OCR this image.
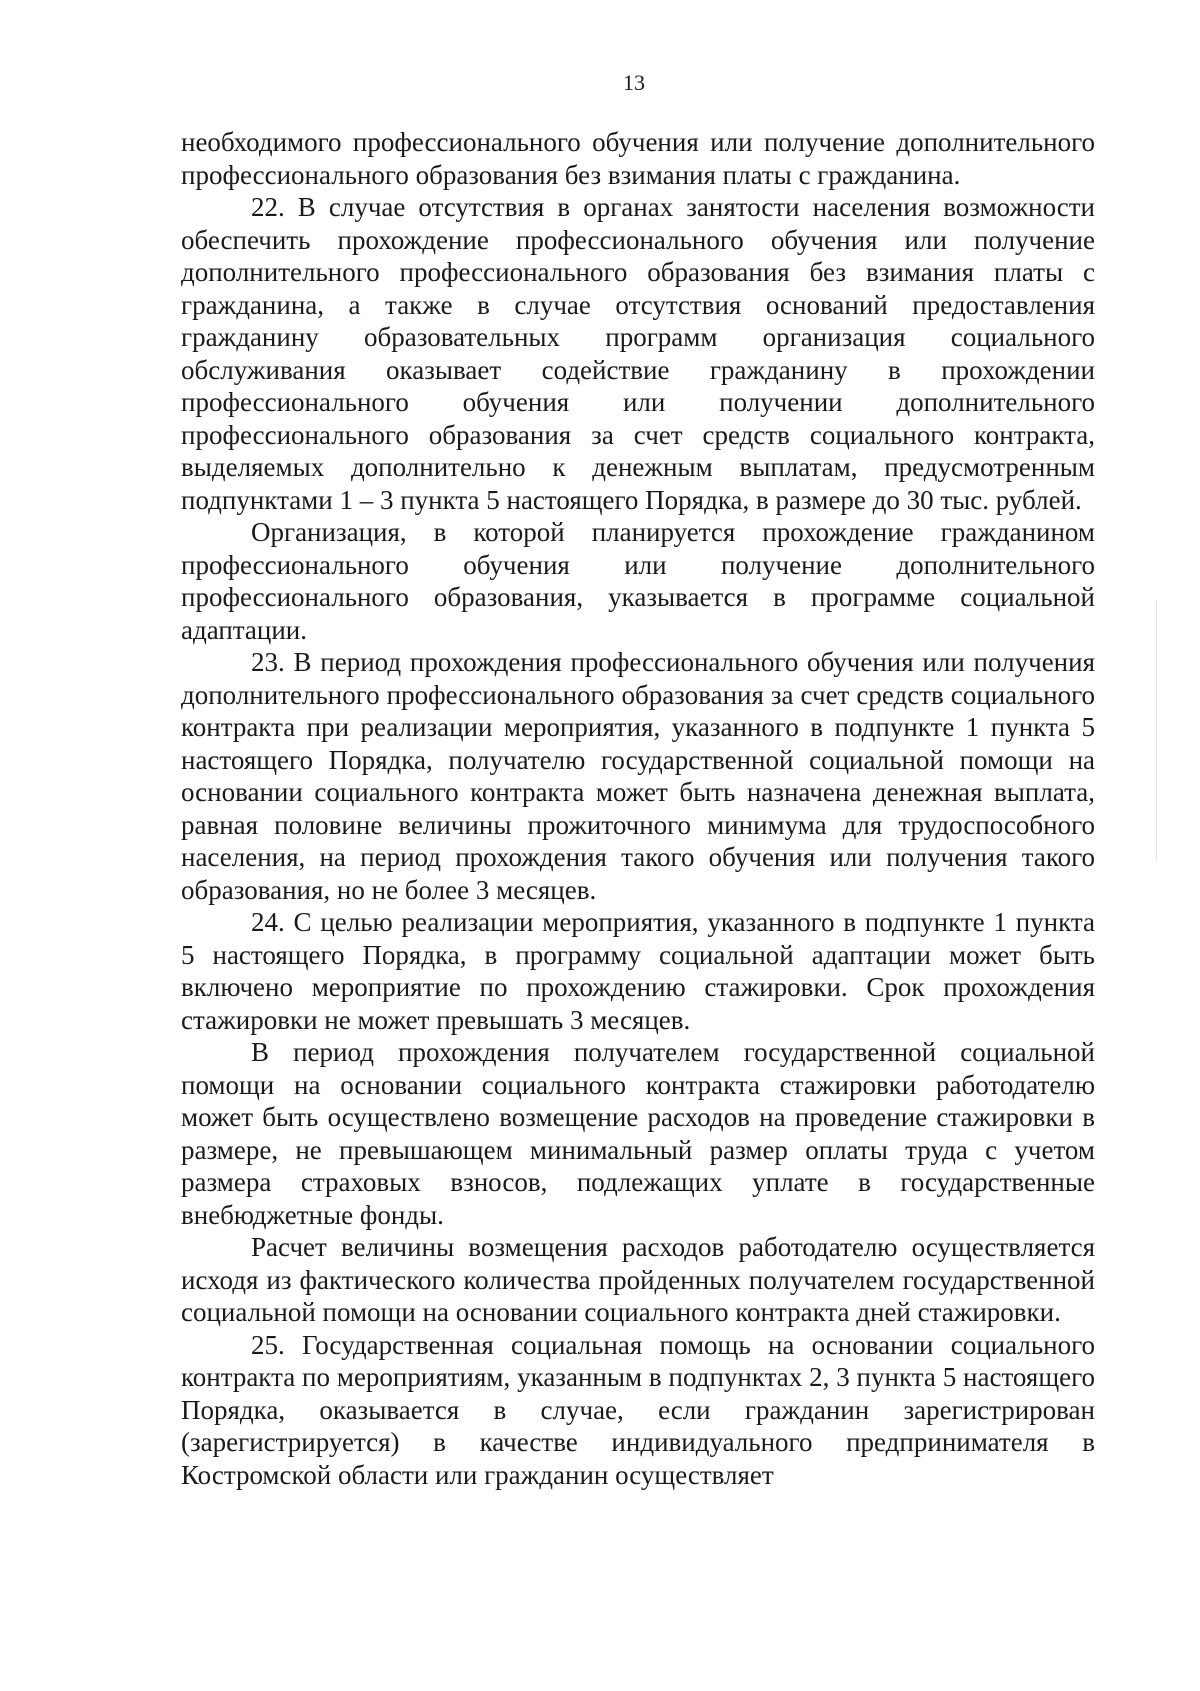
13

необходимого профессионального обучения или получение дополнительного профессионального образования без взимания платы с гражданина.

22. В случае отсутствия в органах занятости населения возможности обеспечить прохождение профессионального обучения или получение дополнительного профессионального образования без взимания платы с гражданина, а также в случае отсутствия оснований предоставления гражданину образовательных программ организация социального обслуживания оказывает содействие гражданину в прохождении профессионального обучения или получении дополнительного профессионального образования за счет средств социального контракта, выделяемых дополнительно к денежным выплатам, предусмотренным подпунктами 1 – 3 пункта 5 настоящего Порядка, в размере до 30 тыс. рублей.

Организация, в которой планируется прохождение гражданином профессионального обучения или получение дополнительного профессионального образования, указывается в программе социальной адаптации.

23. В период прохождения профессионального обучения или получения дополнительного профессионального образования за счет средств социального контракта при реализации мероприятия, указанного в подпункте 1 пункта 5 настоящего Порядка, получателю государственной социальной помощи на основании социального контракта может быть назначена денежная выплата, равная половине величины прожиточного минимума для трудоспособного населения, на период прохождения такого обучения или получения такого образования, но не более 3 месяцев.

24. С целью реализации мероприятия, указанного в подпункте 1 пункта 5 настоящего Порядка, в программу социальной адаптации может быть включено мероприятие по прохождению стажировки. Срок прохождения стажировки не может превышать 3 месяцев.

В период прохождения получателем государственной социальной помощи на основании социального контракта стажировки работодателю может быть осуществлено возмещение расходов на проведение стажировки в размере, не превышающем минимальный размер оплаты труда с учетом размера страховых взносов, подлежащих уплате в государственные внебюджетные фонды.

Расчет величины возмещения расходов работодателю осуществляется исходя из фактического количества пройденных получателем государственной социальной помощи на основании социального контракта дней стажировки.

25. Государственная социальная помощь на основании социального контракта по мероприятиям, указанным в подпунктах 2, 3 пункта 5 настоящего Порядка, оказывается в случае, если гражданин зарегистрирован (зарегистрируется) в качестве индивидуального предпринимателя в Костромской области или гражданин осуществляет
